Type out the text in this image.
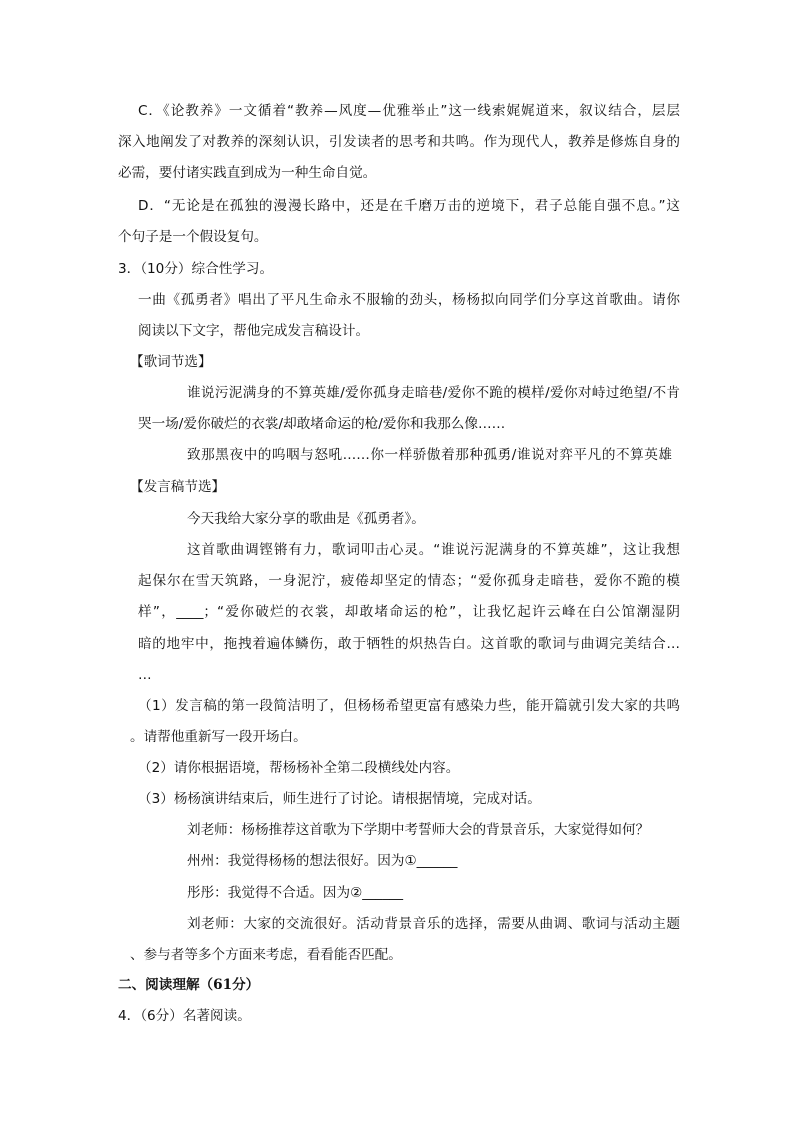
C．《论教养》一文循着“教养—风度—优雅举止”这一线索娓娓道来，叙议结合，层层
深入地阐发了对教养的深刻认识，引发读者的思考和共鸣。作为现代人，教养是修炼自身的
必需，要付诸实践直到成为一种生命自觉。
D．“无论是在孤独的漫漫长路中，还是在千磨万击的逆境下，君子总能自强不息。”这
个句子是一个假设复句。
3．（10分）综合性学习。
一曲《孤勇者》唱出了平凡生命永不服输的劲头，杨杨拟向同学们分享这首歌曲。请你
阅读以下文字，帮他完成发言稿设计。
【歌词节选】
谁说污泥满身的不算英雄/爱你孤身走暗巷/爱你不跪的模样/爱你对峙过绝望/不肯
哭一场/爱你破烂的衣裳/却敢堵命运的枪/爱你和我那么像……
致那黑夜中的呜咽与怒吼……你一样骄傲着那种孤勇/谁说对弈平凡的不算英雄
【发言稿节选】
今天我给大家分享的歌曲是《孤勇者》。
这首歌曲调铿锵有力，歌词叩击心灵。“谁说污泥满身的不算英雄”，这让我想
起保尔在雪天筑路，一身泥泞，疲倦却坚定的情态；“爱你孤身走暗巷，爱你不跪的模
样”，____；“爱你破烂的衣裳，却敢堵命运的枪”，让我忆起许云峰在白公馆潮湿阴
暗的地牢中，拖拽着遍体鳞伤，敢于牺牲的炽热告白。这首歌的歌词与曲调完美结合…
…
（1）发言稿的第一段简洁明了，但杨杨希望更富有感染力些，能开篇就引发大家的共鸣
。请帮他重新写一段开场白。
（2）请你根据语境，帮杨杨补全第二段横线处内容。
（3）杨杨演讲结束后，师生进行了讨论。请根据情境，完成对话。
刘老师：杨杨推荐这首歌为下学期中考誓师大会的背景音乐，大家觉得如何？
州州：我觉得杨杨的想法很好。因为①______
彤彤：我觉得不合适。因为②______
刘老师：大家的交流很好。活动背景音乐的选择，需要从曲调、歌词与活动主题
、参与者等多个方面来考虑，看看能否匹配。
二、阅读理解（61分）
4．（6分）名著阅读。
